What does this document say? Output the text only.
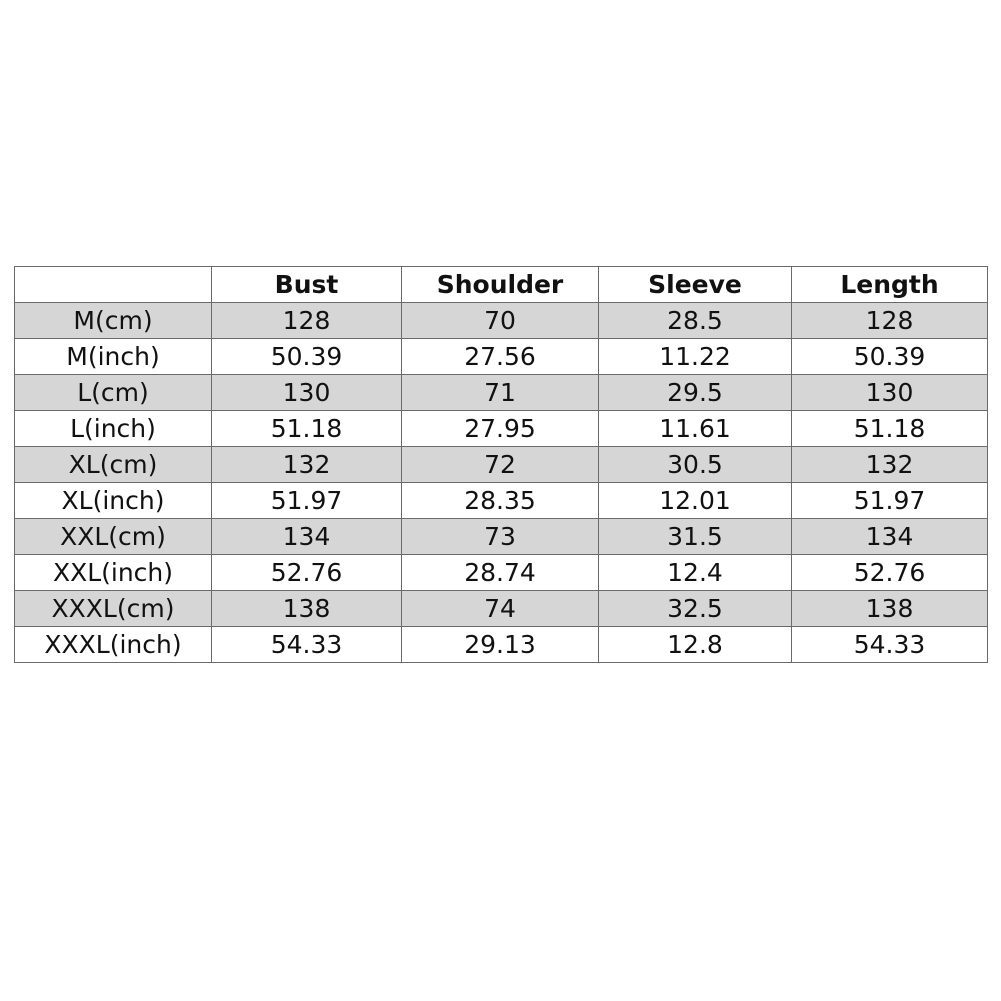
	Bust	Shoulder	Sleeve	Length
M(cm)	128	70	28.5	128
M(inch)	50.39	27.56	11.22	50.39
L(cm)	130	71	29.5	130
L(inch)	51.18	27.95	11.61	51.18
XL(cm)	132	72	30.5	132
XL(inch)	51.97	28.35	12.01	51.97
XXL(cm)	134	73	31.5	134
XXL(inch)	52.76	28.74	12.4	52.76
XXXL(cm)	138	74	32.5	138
XXXL(inch)	54.33	29.13	12.8	54.33
